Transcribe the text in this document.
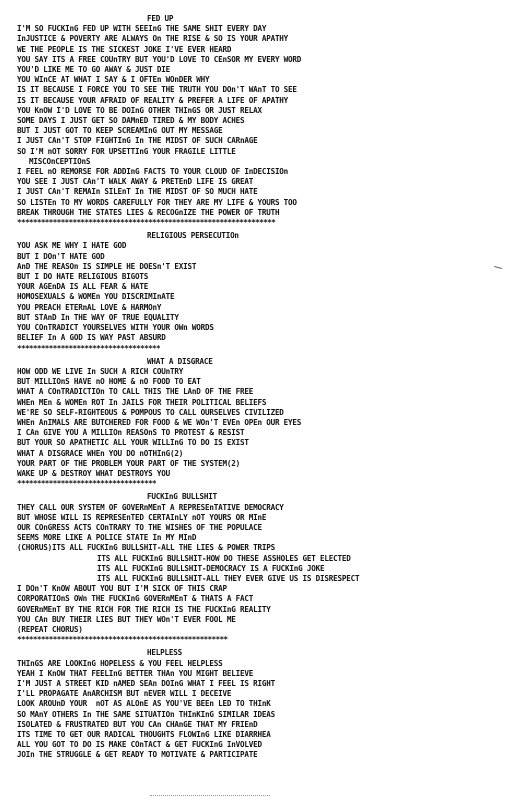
FED UP
I'M SO FUCKInG FED UP WITH SEEInG THE SAME SHIT EVERY DAY
InJUSTICE & POVERTY ARE ALWAYS On THE RISE & SO IS YOUR APATHY
WE THE PEOPLE IS THE SICKEST JOKE I'VE EVER HEARD
YOU SAY ITS A FREE COUnTRY BUT YOU'D LOVE TO CEnSOR MY EVERY WORD
YOU'D LIKE ME TO GO AWAY & JUST DIE
YOU WInCE AT WHAT I SAY & I OFTEn WOnDER WHY
IS IT BECAUSE I FORCE YOU TO SEE THE TRUTH YOU DOn'T WAnT TO SEE
IS IT BECAUSE YOUR AFRAID OF REALITY & PREFER A LIFE OF APATHY
YOU KnOW I'D LOVE TO BE DOInG OTHER THInGS OR JUST RELAX
SOME DAYS I JUST GET SO DAMnED TIRED & MY BODY ACHES
BUT I JUST GOT TO KEEP SCREAMInG OUT MY MESSAGE
I JUST CAn'T STOP FIGHTInG In THE MIDST OF SUCH CARnAGE
SO I'M nOT SORRY FOR UPSETTInG YOUR FRAGILE LITTLE
MISCOnCEPTIOnS
I FEEL nO REMORSE FOR ADDInG FACTS TO YOUR CLOUD OF InDECISIOn
YOU SEE I JUST CAn'T WALK AWAY & PRETEnD LIFE IS GREAT
I JUST CAn'T REMAIn SILEnT In THE MIDST OF SO MUCH HATE
SO LISTEn TO MY WORDS CAREFULLY FOR THEY ARE MY LIFE & YOURS TOO
BREAK THROUGH THE STATES LIES & RECOGnIZE THE POWER OF TRUTH
*****************************************************************
RELIGIOUS PERSECUTIOn
YOU ASK ME WHY I HATE GOD
BUT I DOn'T HATE GOD
AnD THE REASOn IS SIMPLE HE DOESn'T EXIST
BUT I DO HATE RELIGIOUS BIGOTS
YOUR AGEnDA IS ALL FEAR & HATE
HOMOSEXUALS & WOMEn YOU DISCRIMInATE
YOU PREACH ETERnAL LOVE & HARMOnY
BUT STAnD In THE WAY OF TRUE EQUALITY
YOU COnTRADICT YOURSELVES WITH YOUR OWn WORDS
BELIEF In A GOD IS WAY PAST ABSURD
************************************
WHAT A DISGRACE
HOW ODD WE LIVE In SUCH A RICH COUnTRY
BUT MILLIOnS HAVE nO HOME & nO FOOD TO EAT
WHAT A COnTRADICTIOn TO CALL THIS THE LAnD OF THE FREE
WHEn MEn & WOMEn ROT In JAILS FOR THEIR POLITICAL BELIEFS
WE'RE SO SELF-RIGHTEOUS & POMPOUS TO CALL OURSELVES CIVILIZED
WHEn AnIMALS ARE BUTCHERED FOR FOOD & WE WOn'T EVEn OPEn OUR EYES
I CAn GIVE YOU A MILLIOn REASOnS TO PROTEST & RESIST
BUT YOUR SO APATHETIC ALL YOUR WILLInG TO DO IS EXIST
WHAT A DISGRACE WHEn YOU DO nOTHInG(2)
YOUR PART OF THE PROBLEM YOUR PART OF THE SYSTEM(2)
WAKE UP & DESTROY WHAT DESTROYS YOU
***********************************
FUCKInG BULLSHIT
THEY CALL OUR SYSTEM OF GOVERnMEnT A REPRESEnTATIVE DEMOCRACY
BUT WHOSE WILL IS REPRESEnTED CERTAInLY nOT YOURS OR MInE
OUR COnGRESS ACTS COnTRARY TO THE WISHES OF THE POPULACE
SEEMS MORE LIKE A POLICE STATE In MY MInD
(CHORUS)ITS ALL FUCKInG BULLSHIT-ALL THE LIES & POWER TRIPS
ITS ALL FUCKInG BULLSHIT-HOW DO THESE ASSHOLES GET ELECTED
ITS ALL FUCKInG BULLSHIT-DEMOCRACY IS A FUCKInG JOKE
ITS ALL FUCKInG BULLSHIT-ALL THEY EVER GIVE US IS DISRESPECT
I DOn'T KnOW ABOUT YOU BUT I'M SICK OF THIS CRAP
CORPORATIOnS OWn THE FUCKInG GOVERnMEnT & THATS A FACT
GOVERnMEnT BY THE RICH FOR THE RICH IS THE FUCKInG REALITY
YOU CAn BUY THEIR LIES BUT THEY WOn'T EVER FOOL ME
(REPEAT CHORUS)
*****************************************************
HELPLESS
THInGS ARE LOOKInG HOPELESS & YOU FEEL HELPLESS
YEAH I KnOW THAT FEELInG BETTER THAn YOU MIGHT BELIEVE
I'M JUST A STREET KID nAMED SEAn DOInG WHAT I FEEL IS RIGHT
I'LL PROPAGATE AnARCHISM BUT nEVER WILL I DECEIVE
LOOK AROUnD YOUR  nOT AS ALOnE AS YOU'VE BEEn LED TO THInK
SO MAnY OTHERS In THE SAME SITUATIOn THInKInG SIMILAR IDEAS
ISOLATED & FRUSTRATED BUT YOU CAn CHAnGE THAT MY FRIEnD
ITS TIME TO GET OUR RADICAL THOUGHTS FLOWInG LIKE DIARRHEA
ALL YOU GOT TO DO IS MAKE COnTACT & GET FUCKInG InVOLVED
JOIn THE STRUGGLE & GET READY TO MOTIVATE & PARTICIPATE
